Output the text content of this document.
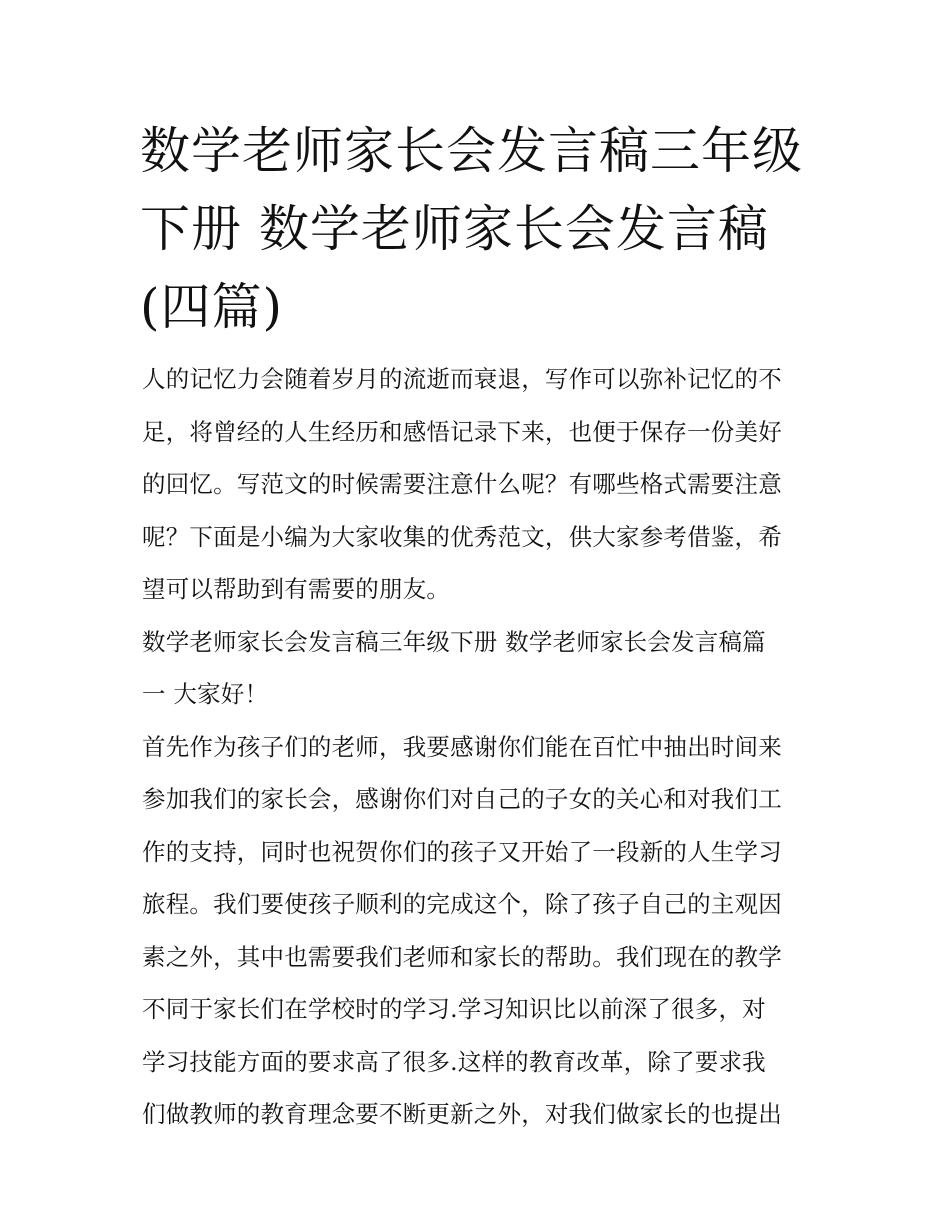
数学老师家长会发言稿三年级
下册 数学老师家长会发言稿
(四篇)
人的记忆力会随着岁月的流逝而衰退，写作可以弥补记忆的不
足，将曾经的人生经历和感悟记录下来，也便于保存一份美好
的回忆。写范文的时候需要注意什么呢？有哪些格式需要注意
呢？下面是小编为大家收集的优秀范文，供大家参考借鉴，希
望可以帮助到有需要的朋友。
数学老师家长会发言稿三年级下册 数学老师家长会发言稿篇
一 大家好！
首先作为孩子们的老师，我要感谢你们能在百忙中抽出时间来
参加我们的家长会，感谢你们对自己的子女的关心和对我们工
作的支持，同时也祝贺你们的孩子又开始了一段新的人生学习
旅程。我们要使孩子顺利的完成这个，除了孩子自己的主观因
素之外，其中也需要我们老师和家长的帮助。我们现在的教学
不同于家长们在学校时的学习.学习知识比以前深了很多，对
学习技能方面的要求高了很多.这样的教育改革，除了要求我
们做教师的教育理念要不断更新之外，对我们做家长的也提出
